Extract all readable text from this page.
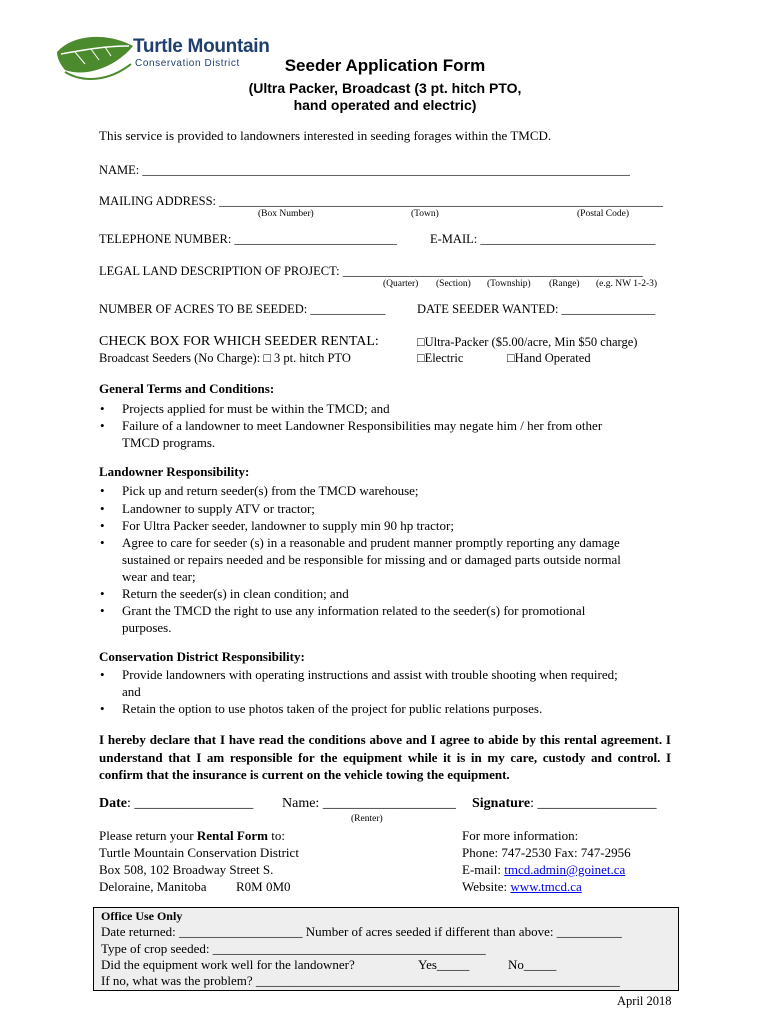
Turtle Mountain
Conservation District	Seeder Application Form
(Ultra Packer, Broadcast (3 pt. hitch PTO,
hand operated and electric)
This service is provided to landowners interested in seeding forages within the TMCD.
NAME: ______________________________________________________________________________
MAILING ADDRESS: _______________________________________________________________________
(Box Number)	(Town)	(Postal Code)
TELEPHONE NUMBER: __________________________	E-MAIL: ____________________________
LEGAL LAND DESCRIPTION OF PROJECT: ________________________________________________
(Quarter) (Section) (Township) (Range) (e.g. NW 1-2-3)
NUMBER OF ACRES TO BE SEEDED: ____________	DATE SEEDER WANTED: _______________
CHECK BOX FOR WHICH SEEDER RENTAL:
Broadcast Seeders (No Charge): □ 3 pt. hitch PTO
□Ultra-Packer ($5.00/acre, Min $50 charge)
□Electric	□Hand Operated
General Terms and Conditions:
• Projects applied for must be within the TMCD; and
• Failure of a landowner to meet Landowner Responsibilities may negate him / her from other
TMCD programs.
Landowner Responsibility:
• Pick up and return seeder(s) from the TMCD warehouse;
• Landowner to supply ATV or tractor;
• For Ultra Packer seeder, landowner to supply min 90 hp tractor;
• Agree to care for seeder (s) in a reasonable and prudent manner promptly reporting any damage
sustained or repairs needed and be responsible for missing and or damaged parts outside normal
wear and tear;
• Return the seeder(s) in clean condition; and
• Grant the TMCD the right to use any information related to the seeder(s) for promotional
purposes.
Conservation District Responsibility:
• Provide landowners with operating instructions and assist with trouble shooting when required;
and
• Retain the option to use photos taken of the project for public relations purposes.
I hereby declare that I have read the conditions above and I agree to abide by this rental agreement. I understand that I am responsible for the equipment while it is in my care, custody and control. I confirm that the insurance is current on the vehicle towing the equipment.
Date: _________________ Name: ___________________
(Renter)
Signature: _________________
Please return your Rental Form to:
Turtle Mountain Conservation District
Box 508, 102 Broadway Street S.
Deloraine, Manitoba R0M 0M0
For more information:
Phone: 747-2530 Fax: 747-2956
E-mail: tmcd.admin@goinet.ca
Website: www.tmcd.ca
Office Use Only
Date returned: ___________________ Number of acres seeded if different than above: __________
Type of crop seeded: __________________________________________
Did the equipment work well for the landowner?	Yes_____	No_____
If no, what was the problem? ________________________________________________________
April 2018
